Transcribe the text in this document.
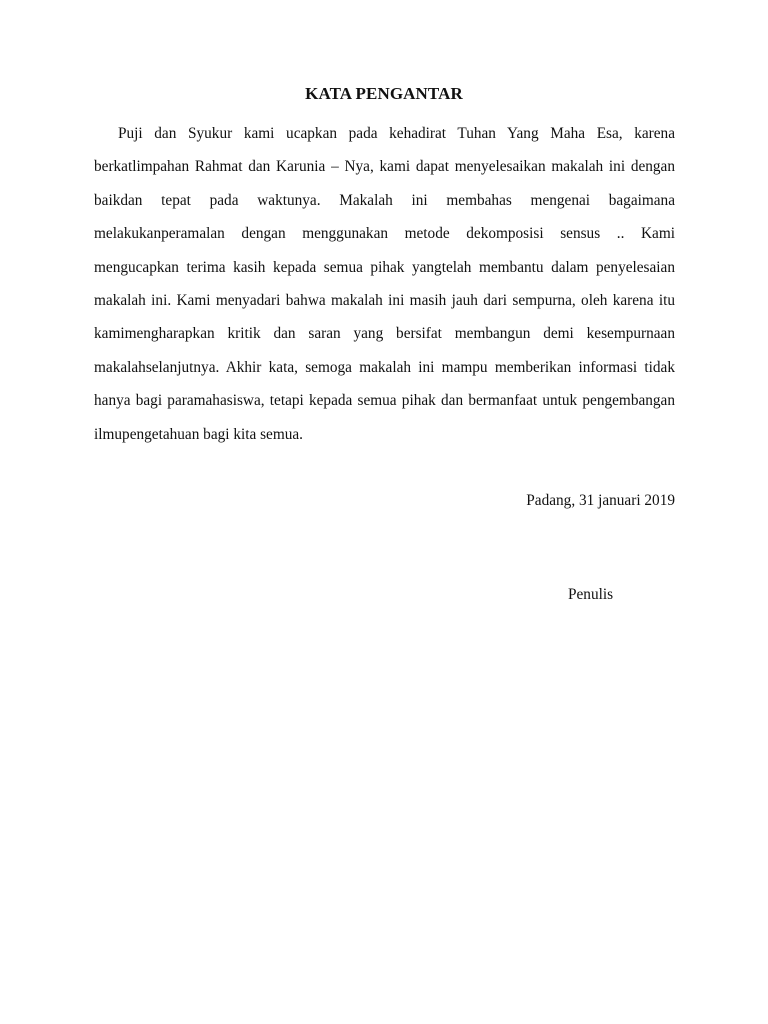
KATA PENGANTAR
Puji dan Syukur kami ucapkan pada kehadirat Tuhan Yang Maha Esa, karena
berkatlimpahan Rahmat dan Karunia – Nya, kami dapat menyelesaikan makalah ini dengan
baikdan tepat pada waktunya. Makalah ini membahas mengenai bagaimana
melakukanperamalan dengan menggunakan metode dekomposisi sensus .. Kami
mengucapkan terima kasih kepada semua pihak yangtelah membantu dalam penyelesaian
makalah ini. Kami menyadari bahwa makalah ini masih jauh dari sempurna, oleh karena itu
kamimengharapkan kritik dan saran yang bersifat membangun demi kesempurnaan
makalahselanjutnya. Akhir kata, semoga makalah ini mampu memberikan informasi tidak
hanya bagi paramahasiswa, tetapi kepada semua pihak dan bermanfaat untuk pengembangan
ilmupengetahuan bagi kita semua.
Padang, 31 januari 2019
Penulis
